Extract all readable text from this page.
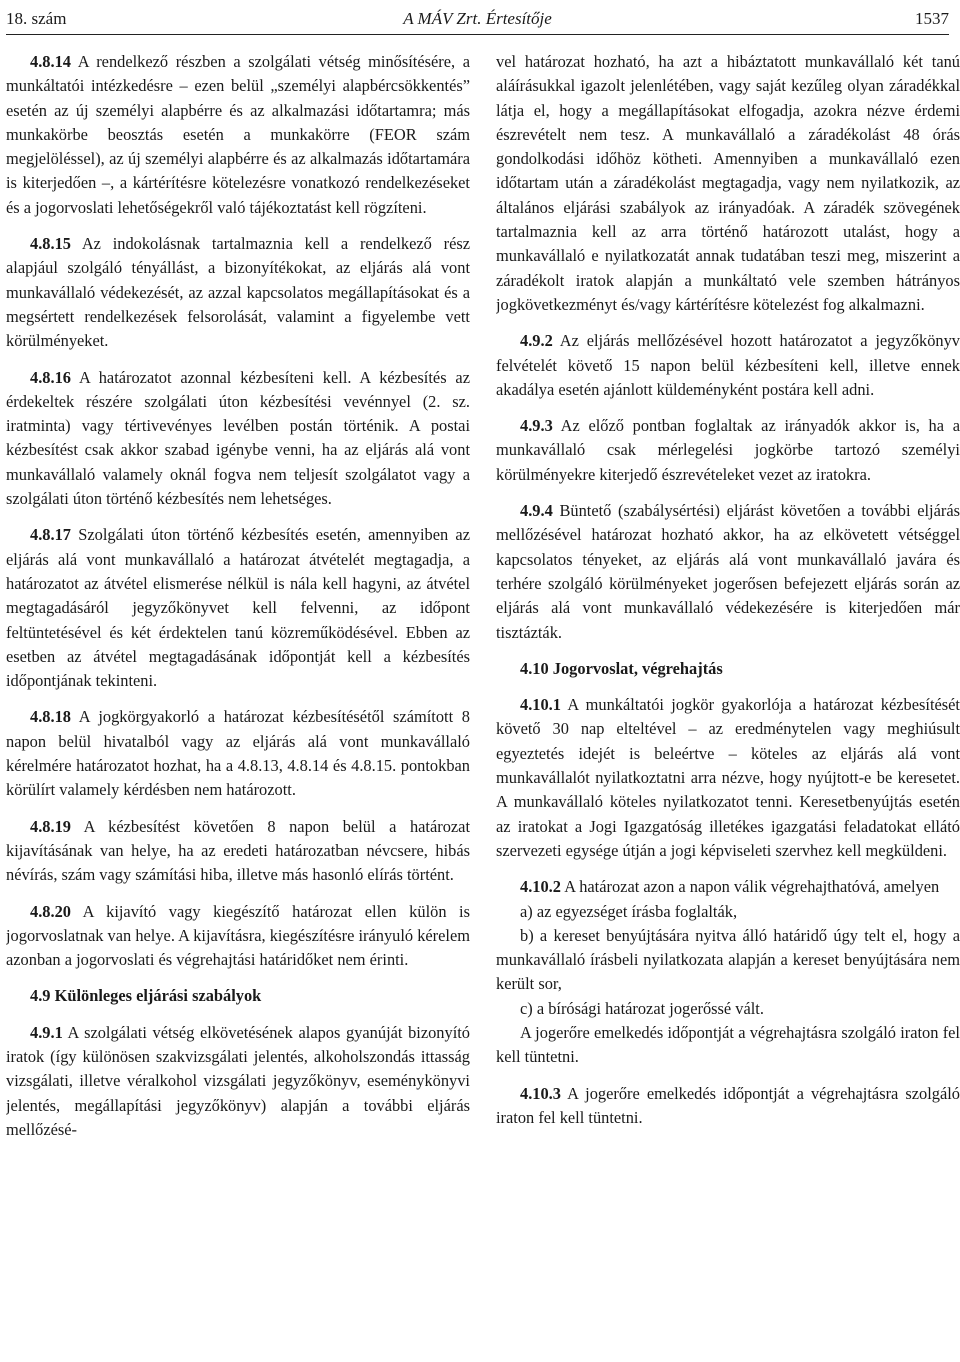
18. szám	A MÁV Zrt. Értesítője	1537

4.8.14 A rendelkező részben a szolgálati vétség minősítésére, a munkáltatói intézkedésre – ezen belül „személyi alapbércsökkentés” esetén az új személyi alapbérre és az alkalmazási időtartamra; más munkakörbe beosztás esetén a munkakörre (FEOR szám megjelöléssel), az új személyi alapbérre és az alkalmazás időtartamára is kiterjedően –, a kártérítésre kötelezésre vonatkozó rendelkezéseket és a jogorvoslati lehetőségekről való tájékoztatást kell rögzíteni.

4.8.15 Az indokolásnak tartalmaznia kell a rendelkező rész alapjául szolgáló tényállást, a bizonyítékokat, az eljárás alá vont munkavállaló védekezését, az azzal kapcsolatos megállapításokat és a megsértett rendelkezések felsorolását, valamint a figyelembe vett körülményeket.

4.8.16 A határozatot azonnal kézbesíteni kell. A kézbesítés az érdekeltek részére szolgálati úton kézbesítési vevénnyel (2. sz. iratminta) vagy tértivevényes levélben postán történik. A postai kézbesítést csak akkor szabad igénybe venni, ha az eljárás alá vont munkavállaló valamely oknál fogva nem teljesít szolgálatot vagy a szolgálati úton történő kézbesítés nem lehetséges.

4.8.17 Szolgálati úton történő kézbesítés esetén, amennyiben az eljárás alá vont munkavállaló a határozat átvételét megtagadja, a határozatot az átvétel elismerése nélkül is nála kell hagyni, az átvétel megtagadásáról jegyzőkönyvet kell felvenni, az időpont feltüntetésével és két érdektelen tanú közreműködésével. Ebben az esetben az átvétel megtagadásának időpontját kell a kézbesítés időpontjának tekinteni.

4.8.18 A jogkörgyakorló a határozat kézbesítésétől számított 8 napon belül hivatalból vagy az eljárás alá vont munkavállaló kérelmére határozatot hozhat, ha a 4.8.13, 4.8.14 és 4.8.15. pontokban körülírt valamely kérdésben nem határozott.

4.8.19 A kézbesítést követően 8 napon belül a határozat kijavításának van helye, ha az eredeti határozatban névcsere, hibás névírás, szám vagy számítási hiba, illetve más hasonló elírás történt.

4.8.20 A kijavító vagy kiegészítő határozat ellen külön is jogorvoslatnak van helye. A kijavításra, kiegészítésre irányuló kérelem azonban a jogorvoslati és végrehajtási határidőket nem érinti.

4.9 Különleges eljárási szabályok

4.9.1 A szolgálati vétség elkövetésének alapos gyanúját bizonyító iratok (így különösen szakvizsgálati jelentés, alkoholszondás ittasság vizsgálati, illetve véralkohol vizsgálati jegyzőkönyv, eseménykönyvi jelentés, megállapítási jegyzőkönyv) alapján a további eljárás mellőzésé-

vel határozat hozható, ha azt a hibáztatott munkavállaló két tanú aláírásukkal igazolt jelenlétében, vagy saját kezűleg olyan záradékkal látja el, hogy a megállapításokat elfogadja, azokra nézve érdemi észrevételt nem tesz. A munkavállaló a záradékolást 48 órás gondolkodási időhöz kötheti. Amennyiben a munkavállaló ezen időtartam után a záradékolást megtagadja, vagy nem nyilatkozik, az általános eljárási szabályok az irányadóak. A záradék szövegének tartalmaznia kell az arra történő határozott utalást, hogy a munkavállaló e nyilatkozatát annak tudatában teszi meg, miszerint a záradékolt iratok alapján a munkáltató vele szemben hátrányos jogkövetkezményt és/vagy kártérítésre kötelezést fog alkalmazni.

4.9.2 Az eljárás mellőzésével hozott határozatot a jegyzőkönyv felvételét követő 15 napon belül kézbesíteni kell, illetve ennek akadálya esetén ajánlott küldeményként postára kell adni.

4.9.3 Az előző pontban foglaltak az irányadók akkor is, ha a munkavállaló csak mérlegelési jogkörbe tartozó személyi körülményekre kiterjedő észrevételeket vezet az iratokra.

4.9.4 Büntető (szabálysértési) eljárást követően a további eljárás mellőzésével határozat hozható akkor, ha az elkövetett vétséggel kapcsolatos tényeket, az eljárás alá vont munkavállaló javára és terhére szolgáló körülményeket jogerősen befejezett eljárás során az eljárás alá vont munkavállaló védekezésére is kiterjedően már tisztázták.

4.10 Jogorvoslat, végrehajtás

4.10.1 A munkáltatói jogkör gyakorlója a határozat kézbesítését követő 30 nap elteltével – az eredménytelen vagy meghiúsult egyeztetés idejét is beleértve – köteles az eljárás alá vont munkavállalót nyilatkoztatni arra nézve, hogy nyújtott-e be keresetet. A munkavállaló köteles nyilatkozatot tenni. Keresetbenyújtás esetén az iratokat a Jogi Igazgatóság illetékes igazgatási feladatokat ellátó szervezeti egysége útján a jogi képviseleti szervhez kell megküldeni.

4.10.2 A határozat azon a napon válik végrehajthatóvá, amelyen

a) az egyezséget írásba foglalták,

b) a kereset benyújtására nyitva álló határidő úgy telt el, hogy a munkavállaló írásbeli nyilatkozata alapján a kereset benyújtására nem került sor,

c) a bírósági határozat jogerőssé vált.

A jogerőre emelkedés időpontját a végrehajtásra szolgáló iraton fel kell tüntetni.

4.10.3 A jogerőre emelkedés időpontját a végrehajtásra szolgáló iraton fel kell tüntetni.
